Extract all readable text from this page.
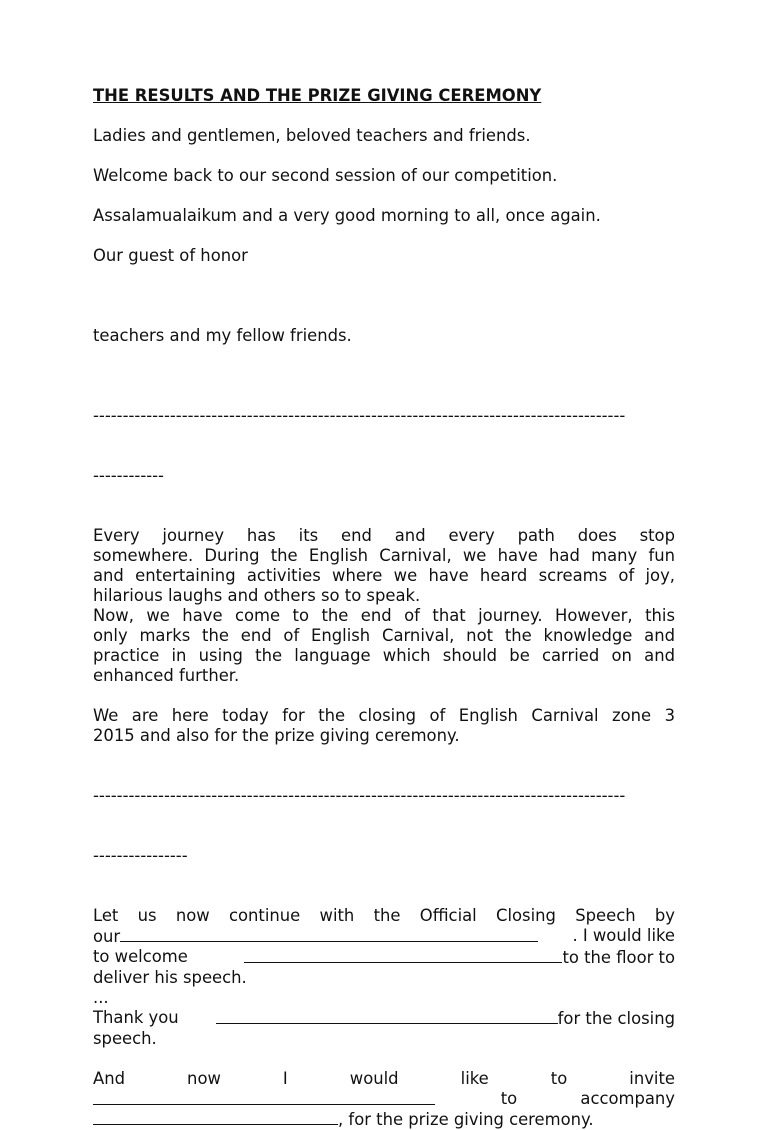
THE RESULTS AND THE PRIZE GIVING CEREMONY
Ladies and gentlemen, beloved teachers and friends.
Welcome back to our second session of our competition.
Assalamualaikum and a very good morning to all, once again.
Our guest of honor
teachers and my fellow friends.

------------------------------------------------------------------------------------------

------------

Every journey has its end and every path does stop
somewhere. During the English Carnival, we have had many fun
and entertaining activities where we have heard screams of joy,
hilarious laughs and others so to speak.
Now, we have come to the end of that journey. However, this
only marks the end of English Carnival, not the knowledge and
practice in using the language which should be carried on and
enhanced further.
We are here today for the closing of English Carnival zone 3
2015 and also for the prize giving ceremony.

------------------------------------------------------------------------------------------

----------------

Let us now continue with the Official Closing Speech by
our	. I would like
to welcome	to the floor to
deliver his speech.
...
Thank you	for the closing
speech.
And now I would like to invite
to accompany
, for the prize giving ceremony.
